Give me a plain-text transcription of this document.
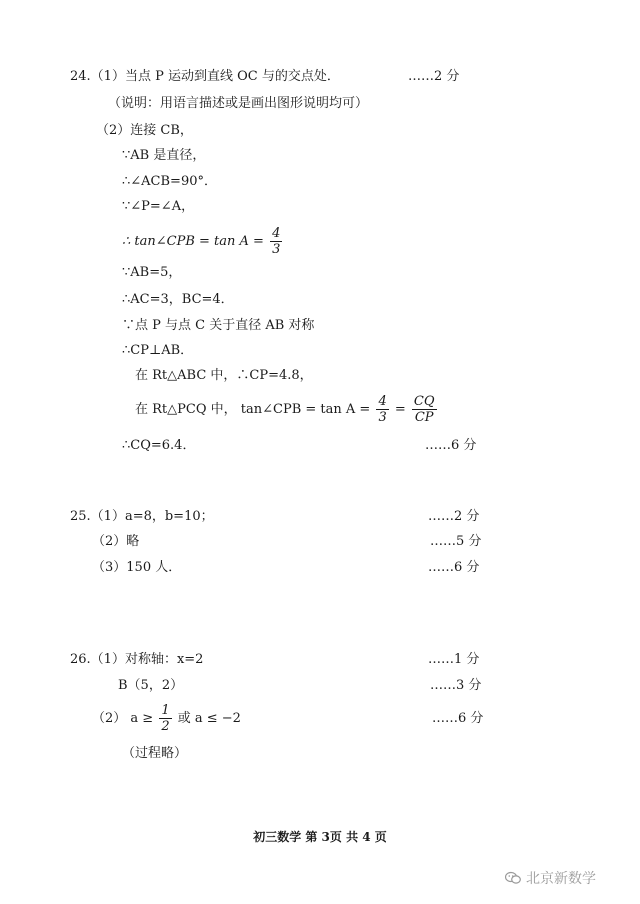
24.（1）当点 P 运动到直线 OC 与的交点处．	……2 分
（说明：用语言描述或是画出图形说明均可）
（2）连接 CB，
∵AB 是直径，
∴∠ACB=90°．
∵∠P=∠A，
∴ tan∠CPB = $\tan A = \frac{4}{3}$
∵AB=5，
∴AC=3，BC=4．
∵点 P 与点 C 关于直径 AB 对称
∴CP⊥AB．
在 Rt△ABC 中，∴CP=4.8，
在 Rt△PCQ 中， tan∠CPB = $\tan A = \frac{4}{3} = \frac{CQ}{CP}$
∴CQ=6.4．	……6 分
25.（1）a=8，b=10；	……2 分
（2）略	……5 分
（3）150 人．	……6 分
26.（1）对称轴：x=2	……1 分
B（5，2）	……3 分
（2） $a \ge \frac{1}{2}$ 或 a ≤ −2	……6 分
（过程略）
初三数学 第 3页 共 4 页
北京新数学
